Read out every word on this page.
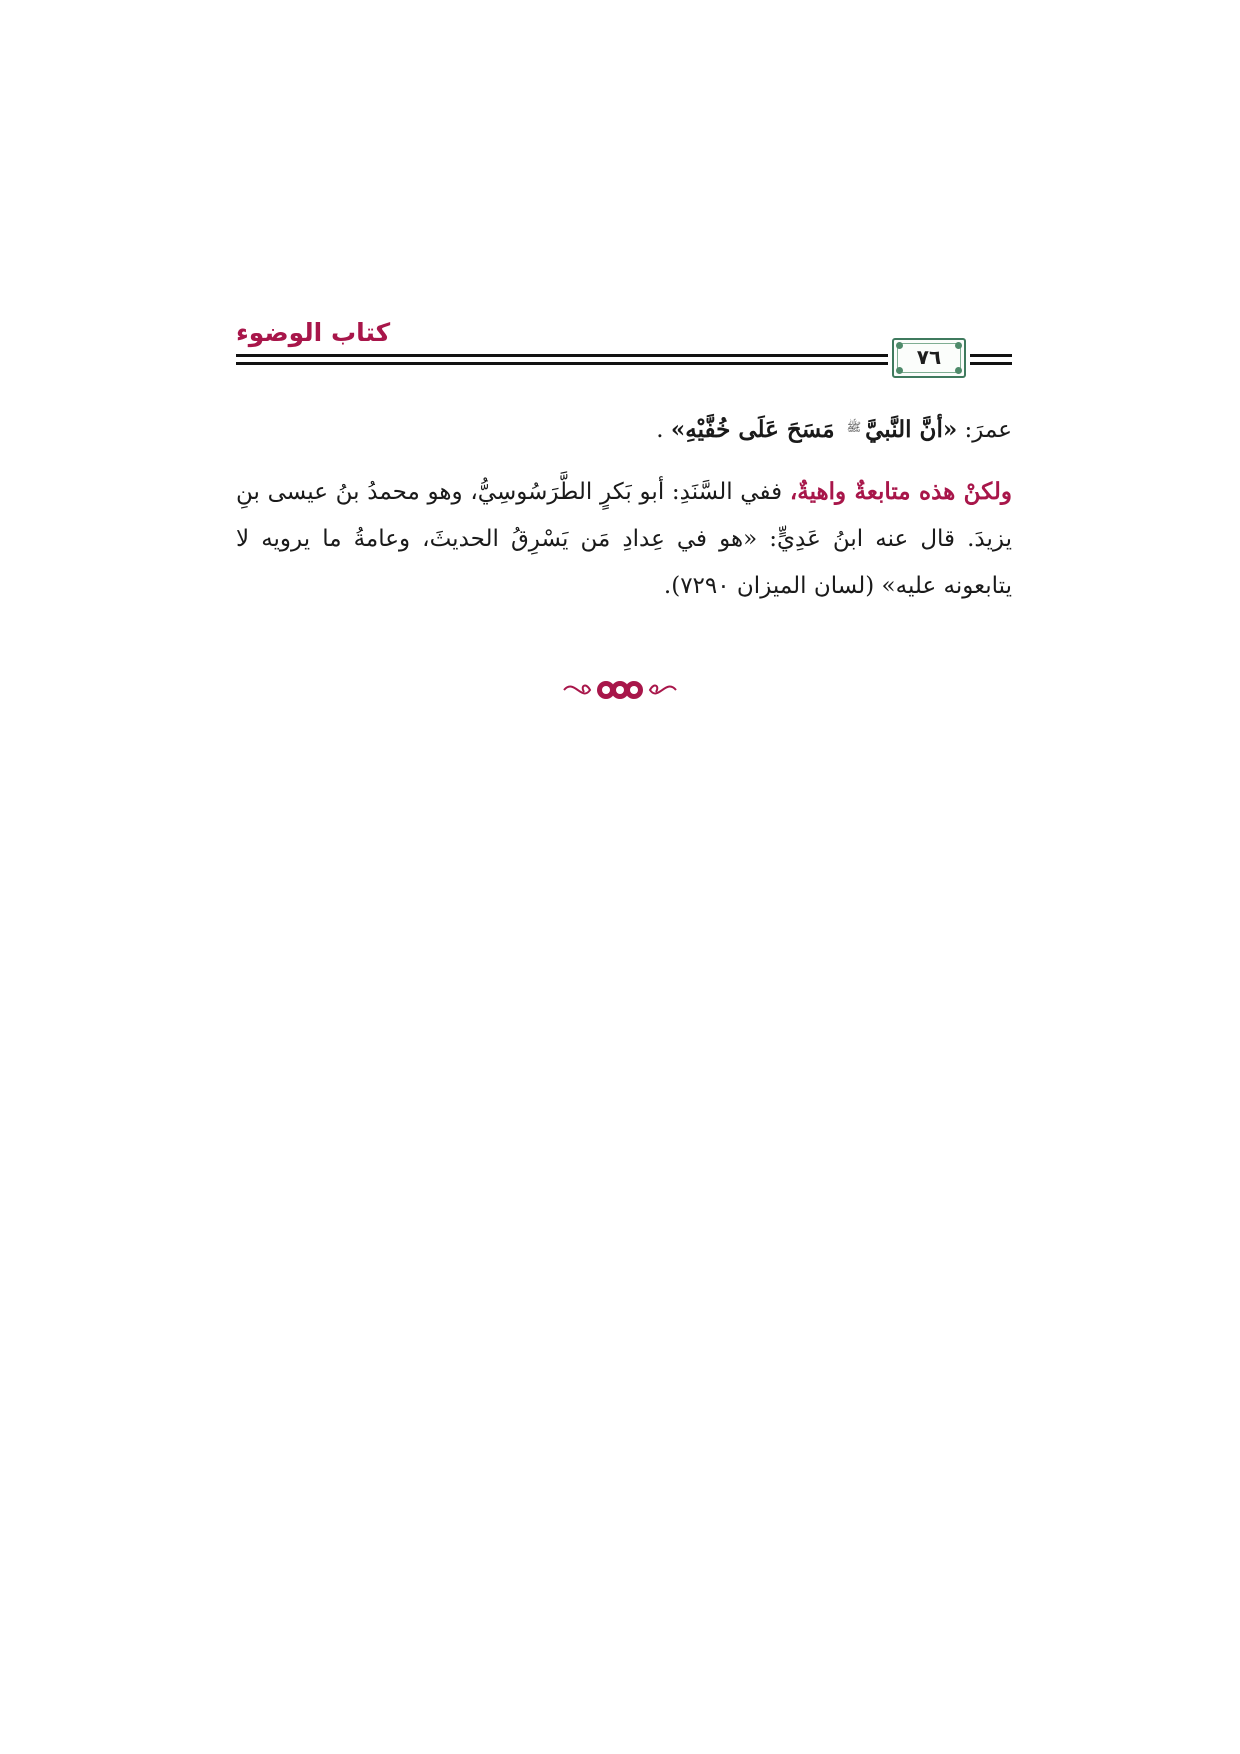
كتاب الوضوء
٧٦

عمرَ: «أنَّ النَّبيَّ$^ﷺ$ مَسَحَ عَلَى خُفَّيْهِ» .

ولكنْ هذه متابعةٌ واهيةٌ، ففي السَّنَدِ: أبو بَكرٍ الطَّرَسُوسِيُّ، وهو محمدُ بنُ عيسى بنِ يزيدَ. قال عنه ابنُ عَدِيٍّ: «هو في عِدادِ مَن يَسْرِقُ الحديثَ، وعامةُ ما يرويه لا يتابعونه عليه» (لسان الميزان ٧٢٩٠).
